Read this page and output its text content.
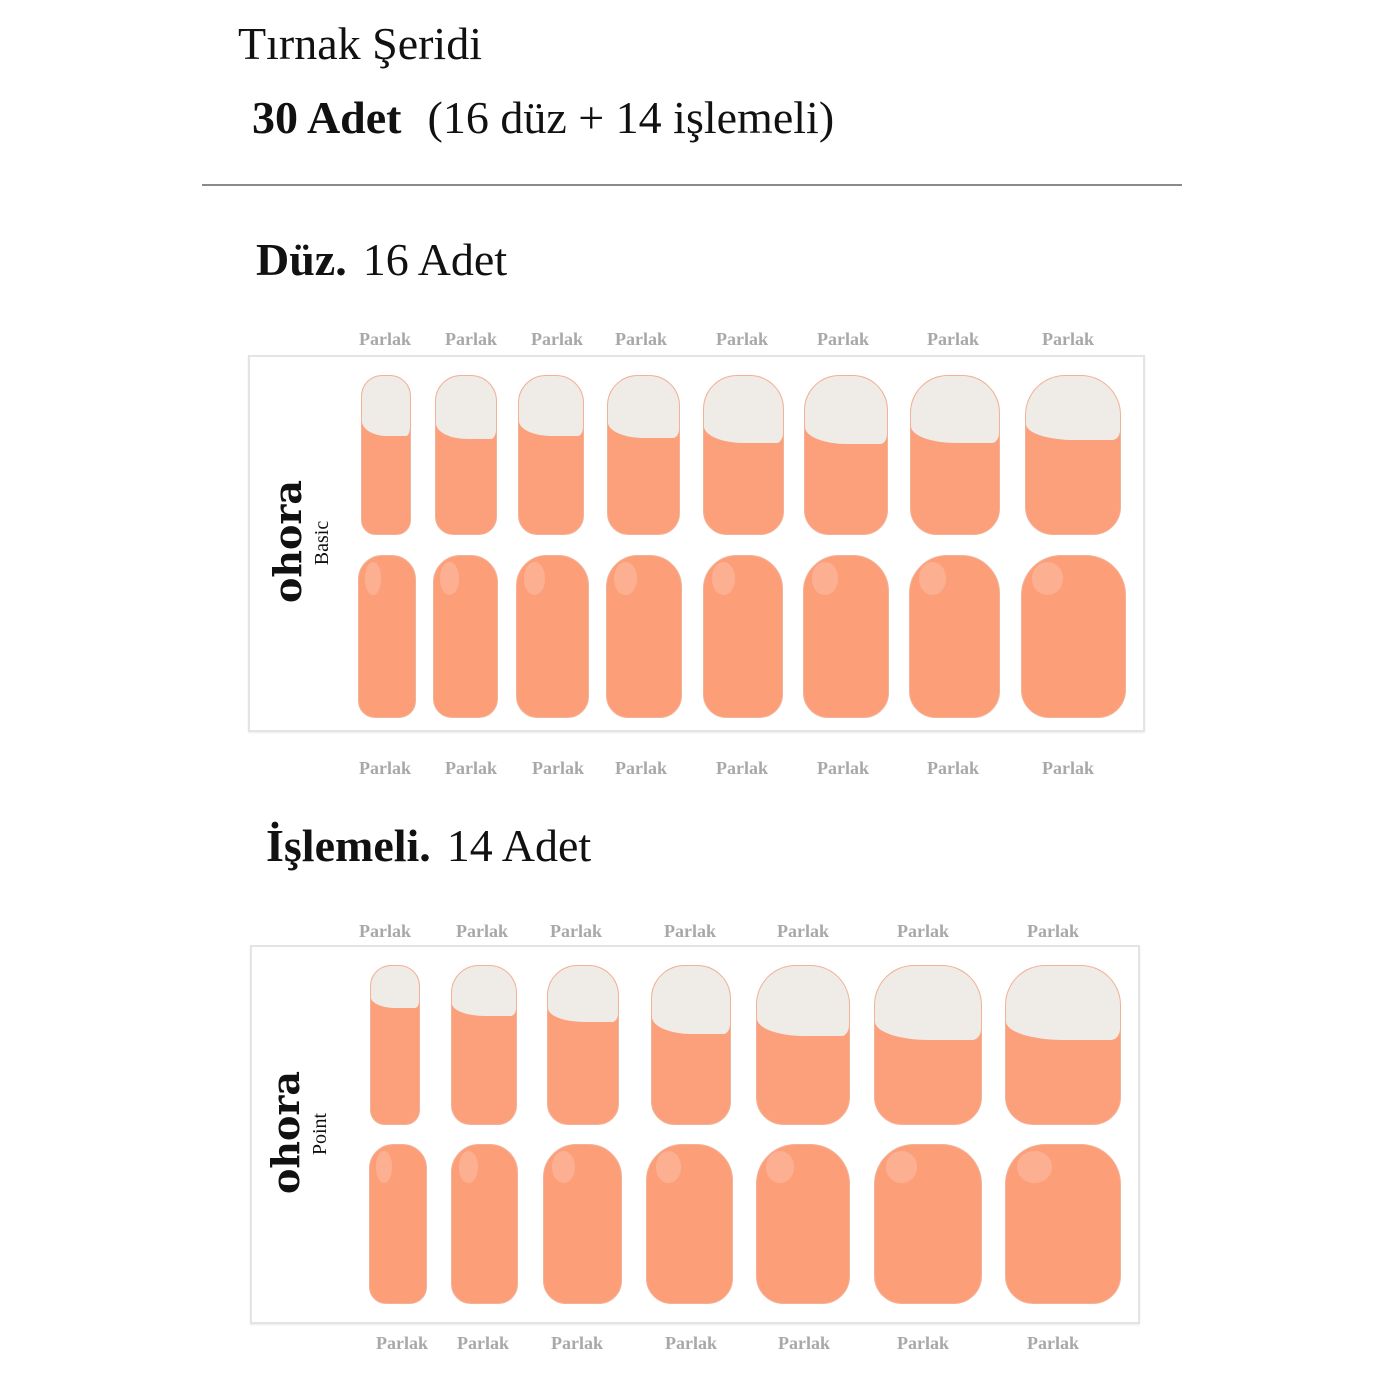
Tırnak Şeridi
30 Adet (16 düz + 14 işlemeli)
Düz. 16 Adet
ohora Basic
İşlemeli. 14 Adet
ohora Point
Parlak	Parlak	Parlak	Parlak	Parlak	Parlak	Parlak	Parlak
Parlak	Parlak	Parlak	Parlak	Parlak	Parlak	Parlak	Parlak
Parlak	Parlak	Parlak	Parlak	Parlak	Parlak	Parlak
Parlak	Parlak	Parlak	Parlak	Parlak	Parlak	Parlak
